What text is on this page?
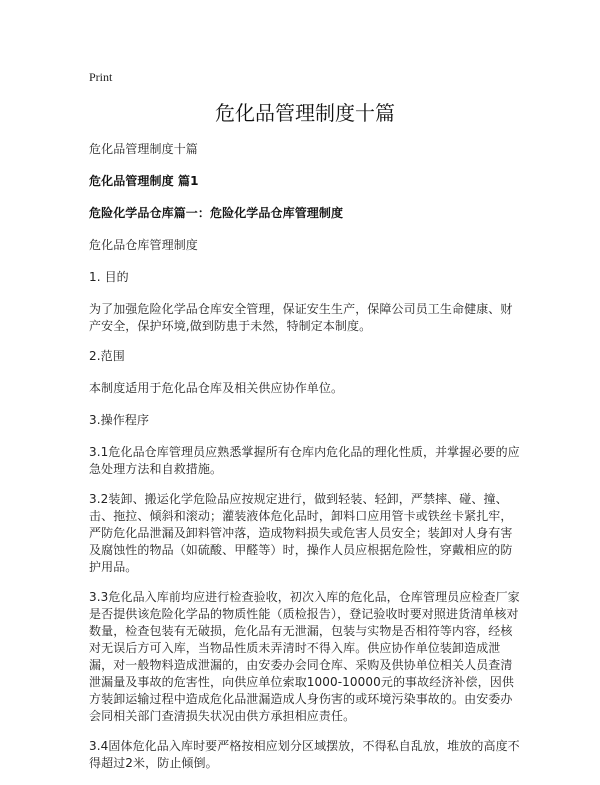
Print
危化品管理制度十篇
危化品管理制度十篇
危化品管理制度 篇1
危险化学品仓库篇一：危险化学品仓库管理制度
危化品仓库管理制度
1. 目的
为了加强危险化学品仓库安全管理，保证安生生产，保障公司员工生命健康、财产安全，保护环境,做到防患于未然，特制定本制度。
2.范围
本制度适用于危化品仓库及相关供应协作单位。
3.操作程序
3.1危化品仓库管理员应熟悉掌握所有仓库内危化品的理化性质，并掌握必要的应急处理方法和自救措施。
3.2装卸、搬运化学危险品应按规定进行，做到轻装、轻卸，严禁摔、碰、撞、击、拖拉、倾斜和滚动；灌装液体危化品时，卸料口应用管卡或铁丝卡紧扎牢，严防危化品泄漏及卸料管冲落，造成物料损失或危害人员安全；装卸对人身有害及腐蚀性的物品（如硫酸、甲醛等）时，操作人员应根据危险性，穿戴相应的防护用品。
3.3危化品入库前均应进行检查验收，初次入库的危化品，仓库管理员应检查厂家是否提供该危险化学品的物质性能（质检报告），登记验收时要对照进货清单核对数量，检查包装有无破损，危化品有无泄漏，包装与实物是否相符等内容，经核对无误后方可入库，当物品性质未弄清时不得入库。供应协作单位装卸造成泄漏，对一般物料造成泄漏的，由安委办会同仓库、采购及供协单位相关人员查清泄漏量及事故的危害性，向供应单位索取1000-10000元的事故经济补偿，因供方装卸运输过程中造成危化品泄漏造成人身伤害的或环境污染事故的。由安委办会同相关部门查清损失状况由供方承担相应责任。
3.4固体危化品入库时要严格按相应划分区域摆放，不得私自乱放，堆放的高度不得超过2米，防止倾倒。
